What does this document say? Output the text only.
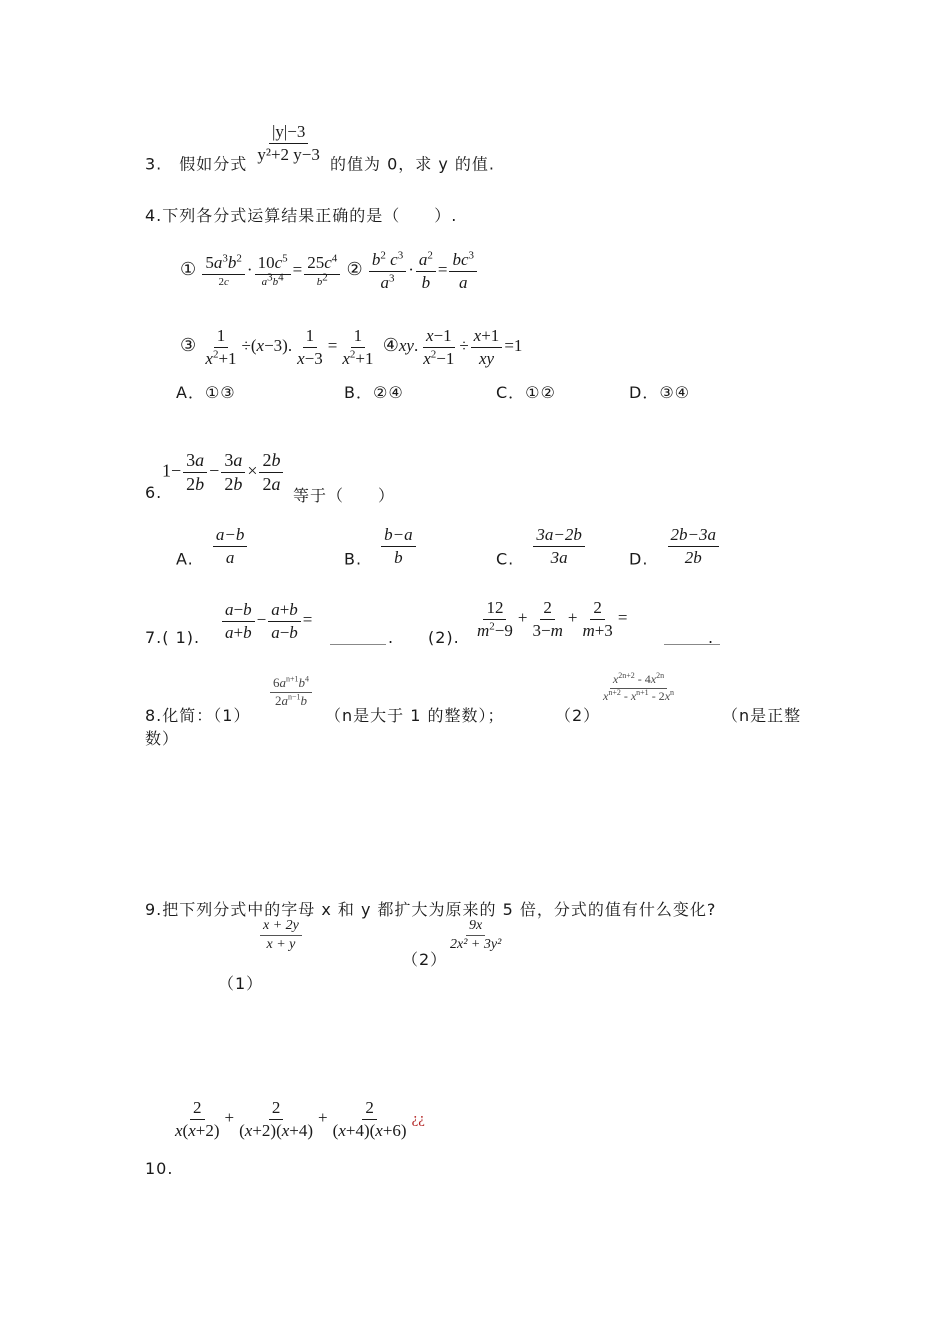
3.　假如分式 $\frac{|y|-3}{\text{y²+2 y−3}}$ 的值为 0，求 y 的值.
4.下列各分式运算结果正确的是（　　）.
① $\frac{5a^3b^2}{2c} \cdot \frac{10c^5}{a3b4} = \frac{25c^4}{b2}$ ② $\frac{b^2 c^3}{a^3} \cdot \frac{a^2}{b} = \frac{bc^3}{a}$
③ $\frac{1}{x^2+1} \div(x-3)$. $\frac{1}{x-3} = \frac{1}{x^2+1}$ ④xy. $\frac{x-1}{x^2-1} \div \frac{x+1}{xy} =1$
A．①③	B．②④	C．①②	D．③④
6.
$1- \frac{3a}{2b} - \frac{3a}{2b} \times \frac{2b}{2a}$
等于（　　）
A. $\frac{a-b}{a}$	B. $\frac{b-a}{b}$	C. $\frac{3a-2b}{3a}$	D. $\frac{2b-3a}{2b}$
7.( 1). $\frac{a-b}{a+b} - \frac{a+b}{a-b}$ =
. (2). $\frac{12}{m^2-9} + \frac{2}{3-m} + \frac{2}{m+3}$ =
.
8.化简：（1）
$\frac{6a^{n+1}b^4}{2a^{n-1}b}$
（n是大于 1 的整数）；	（2）
$\frac{x^{2n+2} - 4x^{2n}}{x^{n+2} - x^{n+1} - 2x^n}$
（n是正整
数）
9.把下列分式中的字母 x 和 y 都扩大为原来的 5 倍，分式的值有什么变化?
$\frac{x + 2y}{x + y}$
（1）
（2）
$\frac{9x}{\text{2x² + 3y²}}$
$\frac{2}{x(x+2)} + \frac{2}{(x+2)(x+4)} + \frac{2}{(x+4)(x+6)}$ ¿¿
10.
